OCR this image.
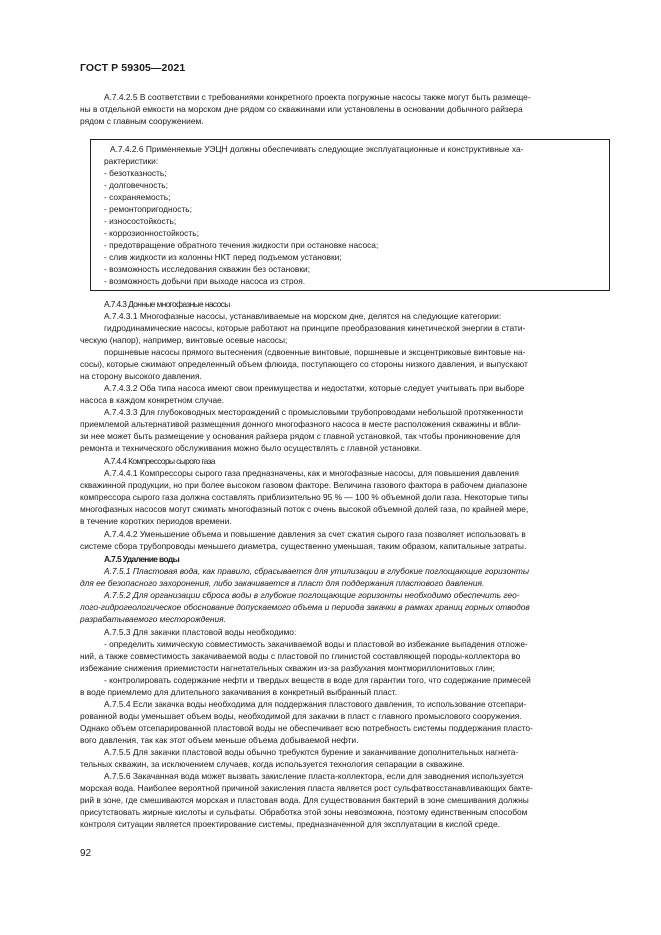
ГОСТ Р 59305—2021
А.7.4.2.5 В соответствии с требованиями конкретного проекта погружные насосы также могут быть размеще-
ны в отдельной емкости на морском дне рядом со скважинами или установлены в основании добычного райзера
рядом с главным сооружением.
А.7.4.2.6 Применяемые УЭЦН должны обеспечивать следующие эксплуатационные и конструктивные ха-
рактеристики:
- безотказность;
- долговечность;
- сохраняемость;
- ремонтопригодность;
- износостойкость;
- коррозионностойкость;
- предотвращение обратного течения жидкости при остановке насоса;
- слив жидкости из колонны НКТ перед подъемом установки;
- возможность исследования скважин без остановки;
- возможность добычи при выходе насоса из строя.
А.7.4.3 Донные многофазные насосы
А.7.4.3.1 Многофазные насосы, устанавливаемые на морском дне, делятся на следующие категории:
гидродинамические насосы, которые работают на принципе преобразования кинетической энергии в стати-
ческую (напор), например, винтовые осевые насосы;
поршневые насосы прямого вытеснения (сдвоенные винтовые, поршневые и эксцентриковые винтовые на-
сосы), которые сжимают определенный объем флюида, поступающего со стороны низкого давления, и выпускают
на сторону высокого давления.
А.7.4.3.2 Оба типа насоса имеют свои преимущества и недостатки, которые следует учитывать при выборе
насоса в каждом конкретном случае.
А.7.4.3.3 Для глубоководных месторождений с промысловыми трубопроводами небольшой протяженности
приемлемой альтернативой размещения донного многофазного насоса в месте расположения скважины и вбли-
зи нее может быть размещение у основания райзера рядом с главной установкой, так чтобы проникновение для
ремонта и технического обслуживания можно было осуществлять с главной установки.
А.7.4.4 Компрессоры сырого газа
А.7.4.4.1 Компрессоры сырого газа предназначены, как и многофазные насосы, для повышения давления
скважинной продукции, но при более высоком газовом факторе. Величина газового фактора в рабочем диапазоне
компрессора сырого газа должна составлять приблизительно 95 % — 100 % объемной доли газа. Некоторые типы
многофазных насосов могут сжимать многофазный поток с очень высокой объемной долей газа, по крайней мере,
в течение коротких периодов времени.
А.7.4.4.2 Уменьшение объема и повышение давления за счет сжатия сырого газа позволяет использовать в
системе сбора трубопроводы меньшего диаметра, существенно уменьшая, таким образом, капитальные затраты.
А.7.5 Удаление воды
А.7.5.1 Пластовая вода, как правило, сбрасывается для утилизации в глубокие поглощающие горизонты
для ее безопасного захоронения, либо закачивается в пласт для поддержания пластового давления.
А.7.5.2 Для организации сброса воды в глубокие поглощающие горизонты необходимо обеспечить гео-
лого-гидрогеологическое обоснование допускаемого объема и периода закачки в рамках границ горных отводов
разрабатываемого месторождения.
А.7.5.3 Для закачки пластовой воды необходимо:
- определить химическую совместимость закачиваемой воды и пластовой во избежание выпадения отложе-
ний, а также совместимость закачиваемой воды с пластовой по глинистой составляющей породы-коллектора во
избежание снижения приемистости нагнетательных скважин из-за разбухания монтмориллонитовых глин;
- контролировать содержание нефти и твердых веществ в воде для гарантии того, что содержание примесей
в воде приемлемо для длительного закачивания в конкретный выбранный пласт.
А.7.5.4 Если закачка воды необходима для поддержания пластового давления, то использование отсепари-
рованной воды уменьшает объем воды, необходимой для закачки в пласт с главного промыслового сооружения.
Однако объем отсепарированной пластовой воды не обеспечивает всю потребность системы поддержания пласто-
вого давления, так как этот объем меньше объема добываемой нефти.
А.7.5.5 Для закачки пластовой воды обычно требуются бурение и заканчивание дополнительных нагнета-
тельных скважин, за исключением случаев, когда используется технология сепарации в скважине.
А.7.5.6 Закачанная вода может вызвать закисление пласта-коллектора, если для заводнения используется
морская вода. Наиболее вероятной причиной закисления пласта является рост сульфатвосстанавливающих бакте-
рий в зоне, где смешиваются морская и пластовая вода. Для существования бактерий в зоне смешивания должны
присутствовать жирные кислоты и сульфаты. Обработка этой зоны невозможна, поэтому единственным способом
контроля ситуации является проектирование системы, предназначенной для эксплуатации в кислой среде.
92
